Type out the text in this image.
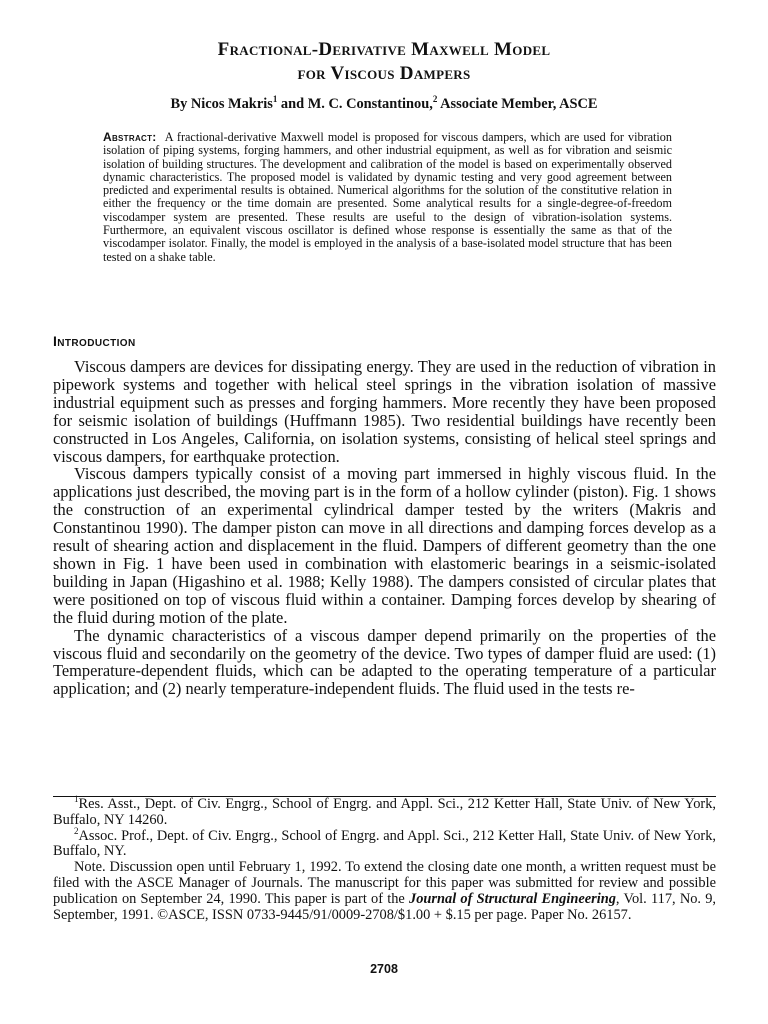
Fractional-Derivative Maxwell Model
for Viscous Dampers
By Nicos Makris$^1$ and M. C. Constantinou,$^2$ Associate Member, ASCE
Abstract: A fractional-derivative Maxwell model is proposed for viscous dampers, which are used for vibration isolation of piping systems, forging hammers, and other industrial equipment, as well as for vibration and seismic isolation of building structures. The development and calibration of the model is based on experimentally observed dynamic characteristics. The proposed model is validated by dynamic testing and very good agreement between predicted and experimental results is obtained. Numerical algorithms for the solution of the constitutive relation in either the frequency or the time domain are presented. Some analytical results for a single-degree-of-freedom viscodamper system are presented. These results are useful to the design of vibration-isolation systems. Furthermore, an equivalent viscous oscillator is defined whose response is essentially the same as that of the viscodamper isolator. Finally, the model is employed in the analysis of a base-isolated model structure that has been tested on a shake table.
Introduction

Viscous dampers are devices for dissipating energy. They are used in the reduction of vibration in pipework systems and together with helical steel springs in the vibration isolation of massive industrial equipment such as presses and forging hammers. More recently they have been proposed for seismic isolation of buildings (Huffmann 1985). Two residential buildings have recently been constructed in Los Angeles, California, on isolation systems, consisting of helical steel springs and viscous dampers, for earthquake protection.

Viscous dampers typically consist of a moving part immersed in highly viscous fluid. In the applications just described, the moving part is in the form of a hollow cylinder (piston). Fig. 1 shows the construction of an experimental cylindrical damper tested by the writers (Makris and Constantinou 1990). The damper piston can move in all directions and damping forces develop as a result of shearing action and displacement in the fluid. Dampers of different geometry than the one shown in Fig. 1 have been used in combination with elastomeric bearings in a seismic-isolated building in Japan (Higashino et al. 1988; Kelly 1988). The dampers consisted of circular plates that were positioned on top of viscous fluid within a container. Damping forces develop by shearing of the fluid during motion of the plate.

The dynamic characteristics of a viscous damper depend primarily on the properties of the viscous fluid and secondarily on the geometry of the device. Two types of damper fluid are used: (1) Temperature-dependent fluids, which can be adapted to the operating temperature of a particular application; and (2) nearly temperature-independent fluids. The fluid used in the tests re-

$^1$Res. Asst., Dept. of Civ. Engrg., School of Engrg. and Appl. Sci., 212 Ketter Hall, State Univ. of New York, Buffalo, NY 14260.

$^2$Assoc. Prof., Dept. of Civ. Engrg., School of Engrg. and Appl. Sci., 212 Ketter Hall, State Univ. of New York, Buffalo, NY.

Note. Discussion open until February 1, 1992. To extend the closing date one month, a written request must be filed with the ASCE Manager of Journals. The manuscript for this paper was submitted for review and possible publication on September 24, 1990. This paper is part of the Journal of Structural Engineering, Vol. 117, No. 9, September, 1991. ©ASCE, ISSN 0733-9445/91/0009-2708/$1.00 + $.15 per page. Paper No. 26157.

2708
